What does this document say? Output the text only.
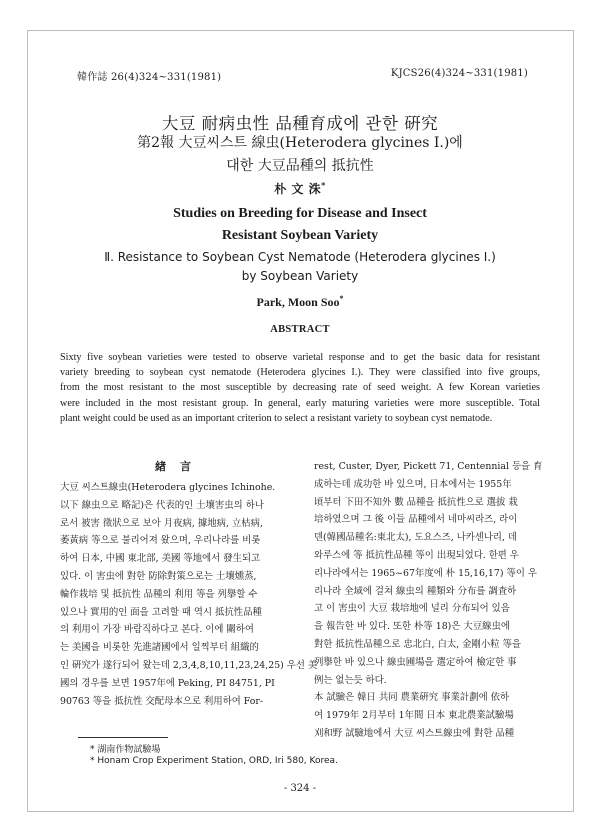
韓作誌 26(4)324~331(1981)	KJCS26(4)324~331(1981)
大豆 耐病虫性 品種育成에 관한 硏究
第2報 大豆씨스트 線虫(Heterodera glycines I.)에
대한 大豆品種의 抵抗性
朴 文 洙*
Studies on Breeding for Disease and Insect
Resistant Soybean Variety
Ⅱ. Resistance to Soybean Cyst Nematode (Heterodera glycines I.)
by Soybean Variety
Park, Moon Soo*
ABSTRACT
Sixty five soybean varieties were tested to observe varietal response and to get the basic data for resistant
variety breeding to soybean cyst nematode (Heterodera glycines I.). They were classified into five groups,
from the most resistant to the most susceptible by decreasing rate of seed weight. A few Korean varieties
were included in the most resistant group. In general, early maturing varieties were more susceptible. Total
plant weight could be used as an important criterion to select a resistant variety to soybean cyst nematode.
緖言
大豆 씨스트線虫(Heterodera glycines Ichinohe.
以下 線虫으로 略記)은 代表的인 土壤害虫의 하나
로서 被害 徵狀으로 보아 月夜病, 據地病, 立枯病,
萎黃病 等으로 불리어져 왔으며, 우리나라를 비롯
하여 日本, 中國 東北部, 美國 等地에서 發生되고
있다. 이 害虫에 對한 防除對策으로는 土壤燻蒸,
輪作栽培 및 抵抗性 品種의 利用 等을 列擧할 수
있으나 實用的인 面을 고려할 때 역시 抵抗性品種
의 利用이 가장 바람직하다고 본다. 이에 關하여
는 美國을 비롯한 先進諸國에서 일찍부터 組織的
인 硏究가 遂行되어 왔는데 2,3,4,8,10,11,23,24,25) 우선 美
國의 경우를 보면 1957年에 Peking, PI 84751, PI
90763 等을 抵抗性 交配母本으로 利用하여 For-
rest, Custer, Dyer, Pickett 71, Centennial 등을 育
成하는데 成功한 바 있으며, 日本에서는 1955年
頃부터 下田不知外 數 品種을 抵抗性으로 選拔 栽
培하였으며 그 後 이들 品種에서 네마씨라즈, 라이
덴(韓國品種名:東北太), 도요스즈, 나카센나리, 데
와루스에 等 抵抗性品種 等이 出現되었다. 한편 우
리나라에서는 1965~67年度에 朴 15,16,17) 等이 우
리나라 全域에 걸쳐 線虫의 種類와 分布를 調査하
고 이 害虫이 大豆 栽培地에 널리 分布되어 있음
을 報告한 바 있다. 또한 朴等 18)은 大豆線虫에
對한 抵抗性品種으로 忠北白, 白太, 金剛小粒 等을
列擧한 바 있으나 線虫圃場을 選定하여 檢定한 事
例는 없는듯 하다.
本 試驗은 韓日 共同 農業硏究 事業計劃에 依하
여 1979年 2月부터 1年間 日本 東北農業試驗場
刈和野 試驗地에서 大豆 씨스트線虫에 對한 品種
* 湖南作物試驗場
* Honam Crop Experiment Station, ORD, Iri 580, Korea.
- 324 -
